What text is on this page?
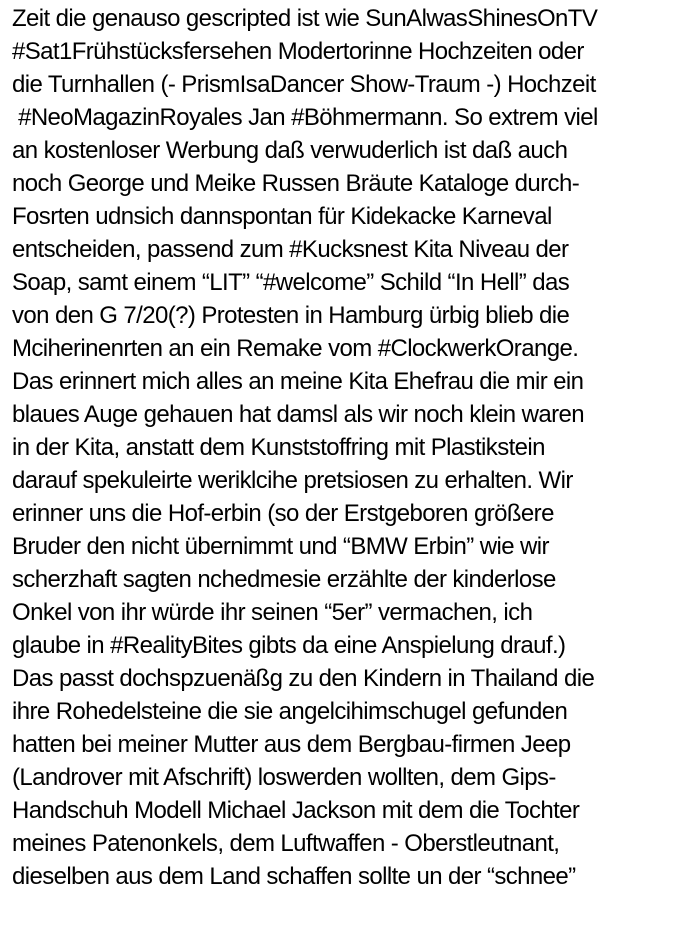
Zeit die genauso gescripted ist wie SunAlwasShinesOnTV
#Sat1Frühstücksfersehen Modertorinne Hochzeiten oder
die Turnhallen (- PrismIsaDancer Show-Traum -) Hochzeit
#NeoMagazinRoyales Jan #Böhmermann. So extrem viel
an kostenloser Werbung daß verwuderlich ist daß auch
noch George und Meike Russen Bräute Kataloge durch-
Fosrten udnsich dannspontan für Kidekacke Karneval
entscheiden, passend zum #Kucksnest Kita Niveau der
Soap, samt einem “LIT” “#welcome” Schild “In Hell” das
von den G 7/20(?) Protesten in Hamburg ürbig blieb die
Mciherinenrten an ein Remake vom #ClockwerkOrange.
Das erinnert mich alles an meine Kita Ehefrau die mir ein
blaues Auge gehauen hat damsl als wir noch klein waren
in der Kita, anstatt dem Kunststoffring mit Plastikstein
darauf spekuleirte weriklcihe pretsiosen zu erhalten. Wir
erinner uns die Hof-erbin (so der Erstgeboren größere
Bruder den nicht übernimmt und “BMW Erbin” wie wir
scherzhaft sagten nchedmesie erzählte der kinderlose
Onkel von ihr würde ihr seinen “5er” vermachen, ich
glaube in #RealityBites gibts da eine Anspielung drauf.)
Das passt dochspzuenäßg zu den Kindern in Thailand die
ihre Rohedelsteine die sie angelcihimschugel gefunden
hatten bei meiner Mutter aus dem Bergbau-firmen Jeep
(Landrover mit Afschrift) loswerden wollten, dem Gips-
Handschuh Modell Michael Jackson mit dem die Tochter
meines Patenonkels, dem Luftwaffen - Oberstleutnant,
dieselben aus dem Land schaffen sollte un der “schnee”
